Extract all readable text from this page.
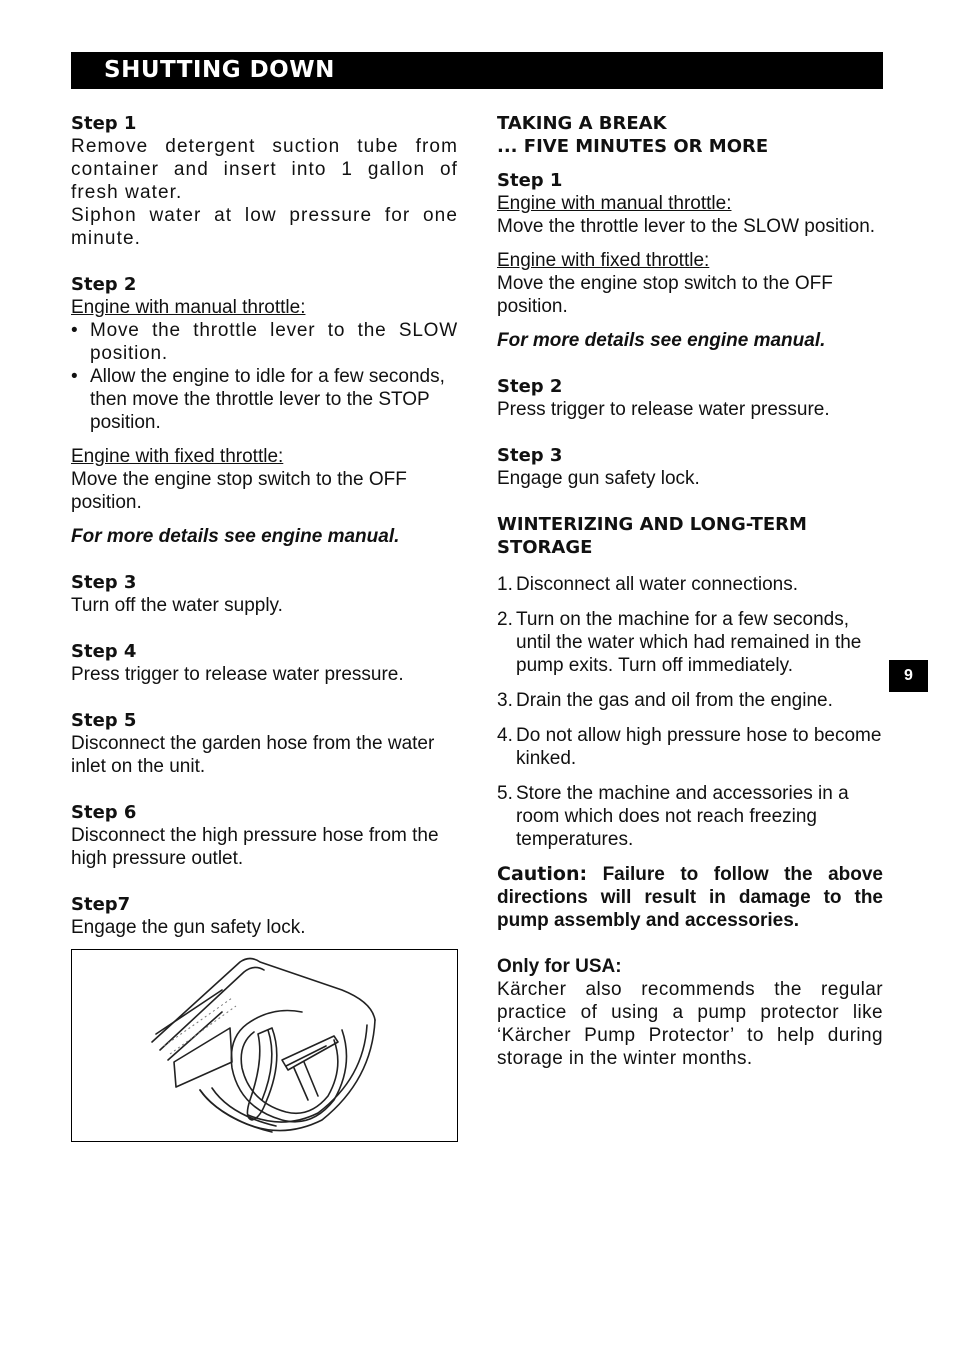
SHUTTING DOWN
Step 1
Remove detergent suction tube from container and insert into 1 gallon of fresh water.
Siphon water at low pressure for one minute.
Step 2
Engine with manual throttle:
• Move the throttle lever to the SLOW position.
• Allow the engine to idle for a few seconds, then move the throttle lever to the STOP position.
Engine with fixed throttle:
Move the engine stop switch to the OFF position.
For more details see engine manual.
Step 3
Turn off the water supply.
Step 4
Press trigger to release water pressure.
Step 5
Disconnect the garden hose from the water inlet on the unit.
Step 6
Disconnect the high pressure hose from the high pressure outlet.
Step7
Engage the gun safety lock.
TAKING A BREAK
... FIVE MINUTES OR MORE
Step 1
Engine with manual throttle:
Move the throttle lever to the SLOW position.
Engine with fixed throttle:
Move the engine stop switch to the OFF position.
For more details see engine manual.
Step 2
Press trigger to release water pressure.
Step 3
Engage gun safety lock.
WINTERIZING AND LONG-TERM STORAGE
1. Disconnect all water connections.
2. Turn on the machine for a few seconds, until the water which had remained in the pump exits. Turn off immediately.
3. Drain the gas and oil from the engine.
4. Do not allow high pressure hose to become kinked.
5. Store the machine and accessories in a room which does not reach freezing temperatures.
Caution: Failure to follow the above directions will result in damage to the pump assembly and accessories.
Only for USA:
Kärcher also recommends the regular practice of using a pump protector like ‘Kärcher Pump Protector’ to help during storage in the winter months.
9
